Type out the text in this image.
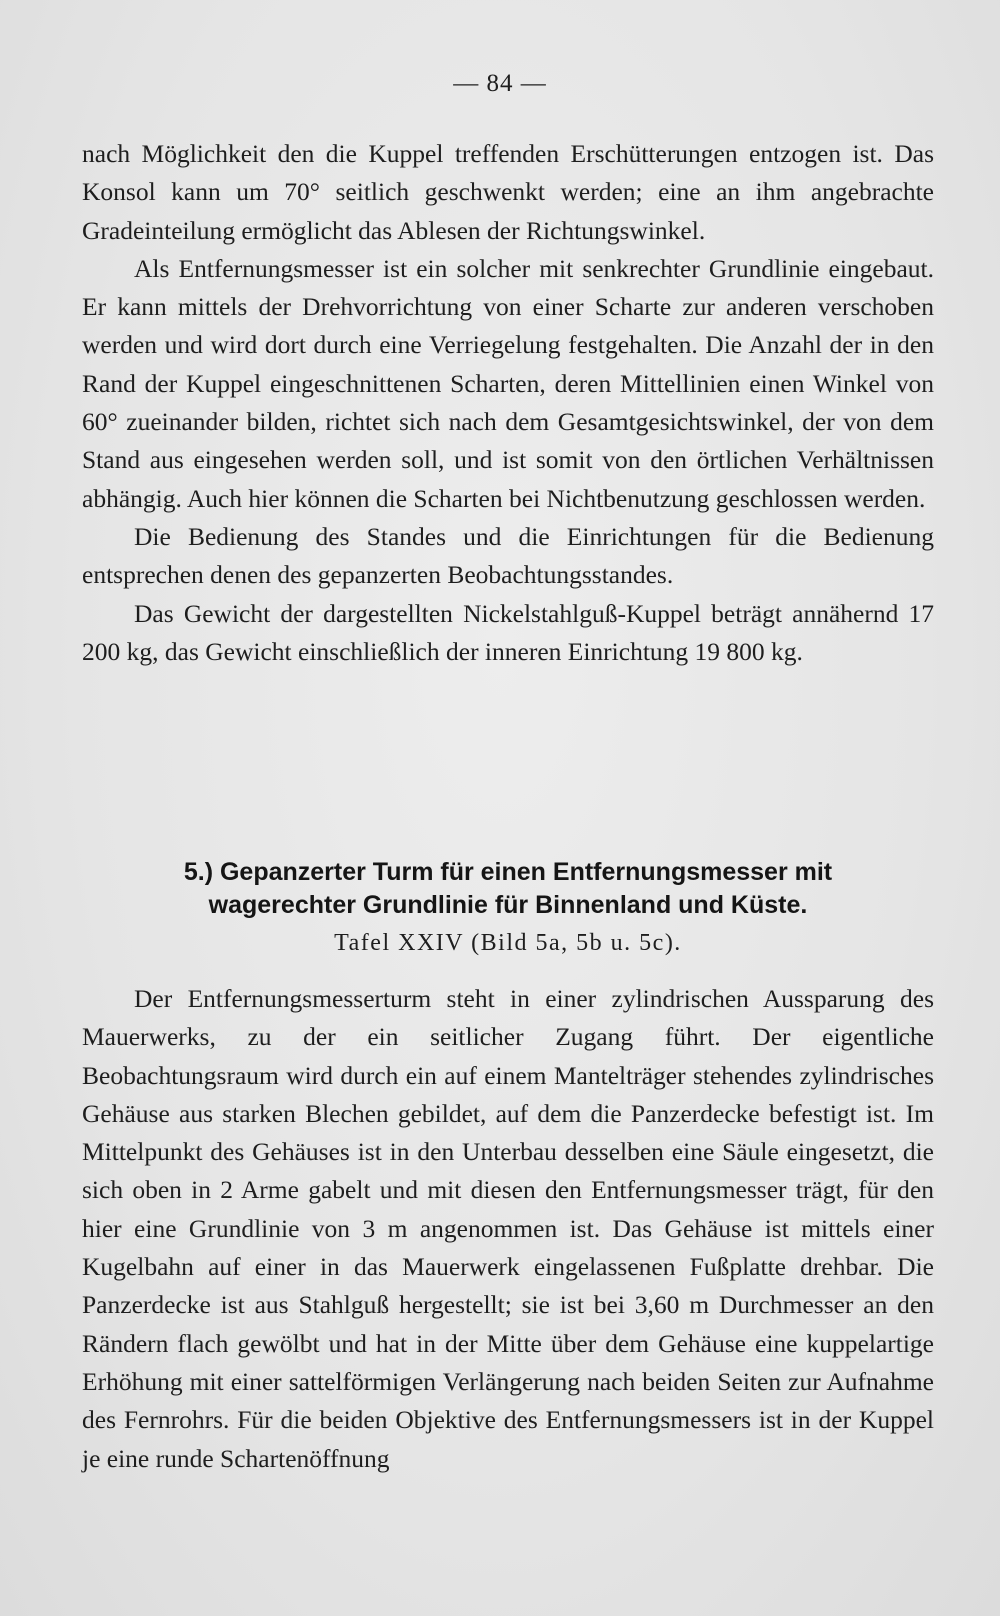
— 84 —

nach Möglichkeit den die Kuppel treffenden Erschütterungen entzogen ist. Das Konsol kann um 70° seitlich geschwenkt werden; eine an ihm angebrachte Gradeinteilung ermöglicht das Ablesen der Richtungswinkel.

Als Entfernungsmesser ist ein solcher mit senkrechter Grundlinie eingebaut. Er kann mittels der Drehvorrichtung von einer Scharte zur anderen verschoben werden und wird dort durch eine Verriegelung festgehalten. Die Anzahl der in den Rand der Kuppel eingeschnittenen Scharten, deren Mittellinien einen Winkel von 60° zueinander bilden, richtet sich nach dem Gesamtgesichtswinkel, der von dem Stand aus eingesehen werden soll, und ist somit von den örtlichen Verhältnissen abhängig. Auch hier können die Scharten bei Nichtbenutzung geschlossen werden.

Die Bedienung des Standes und die Einrichtungen für die Bedienung entsprechen denen des gepanzerten Beobachtungsstandes.

Das Gewicht der dargestellten Nickelstahlguß-Kuppel beträgt annähernd 17 200 kg, das Gewicht einschließlich der inneren Einrichtung 19 800 kg.

5.) Gepanzerter Turm für einen Entfernungsmesser mit
wagerechter Grundlinie für Binnenland und Küste.
Tafel XXIV (Bild 5a, 5b u. 5c).

Der Entfernungsmesserturm steht in einer zylindrischen Aussparung des Mauerwerks, zu der ein seitlicher Zugang führt. Der eigentliche Beobachtungsraum wird durch ein auf einem Mantelträger stehendes zylindrisches Gehäuse aus starken Blechen gebildet, auf dem die Panzerdecke befestigt ist. Im Mittelpunkt des Gehäuses ist in den Unterbau desselben eine Säule eingesetzt, die sich oben in 2 Arme gabelt und mit diesen den Entfernungsmesser trägt, für den hier eine Grundlinie von 3 m angenommen ist. Das Gehäuse ist mittels einer Kugelbahn auf einer in das Mauerwerk eingelassenen Fußplatte drehbar. Die Panzerdecke ist aus Stahlguß hergestellt; sie ist bei 3,60 m Durchmesser an den Rändern flach gewölbt und hat in der Mitte über dem Gehäuse eine kuppelartige Erhöhung mit einer sattelförmigen Verlängerung nach beiden Seiten zur Aufnahme des Fernrohrs. Für die beiden Objektive des Entfernungsmessers ist in der Kuppel je eine runde Schartenöffnung
